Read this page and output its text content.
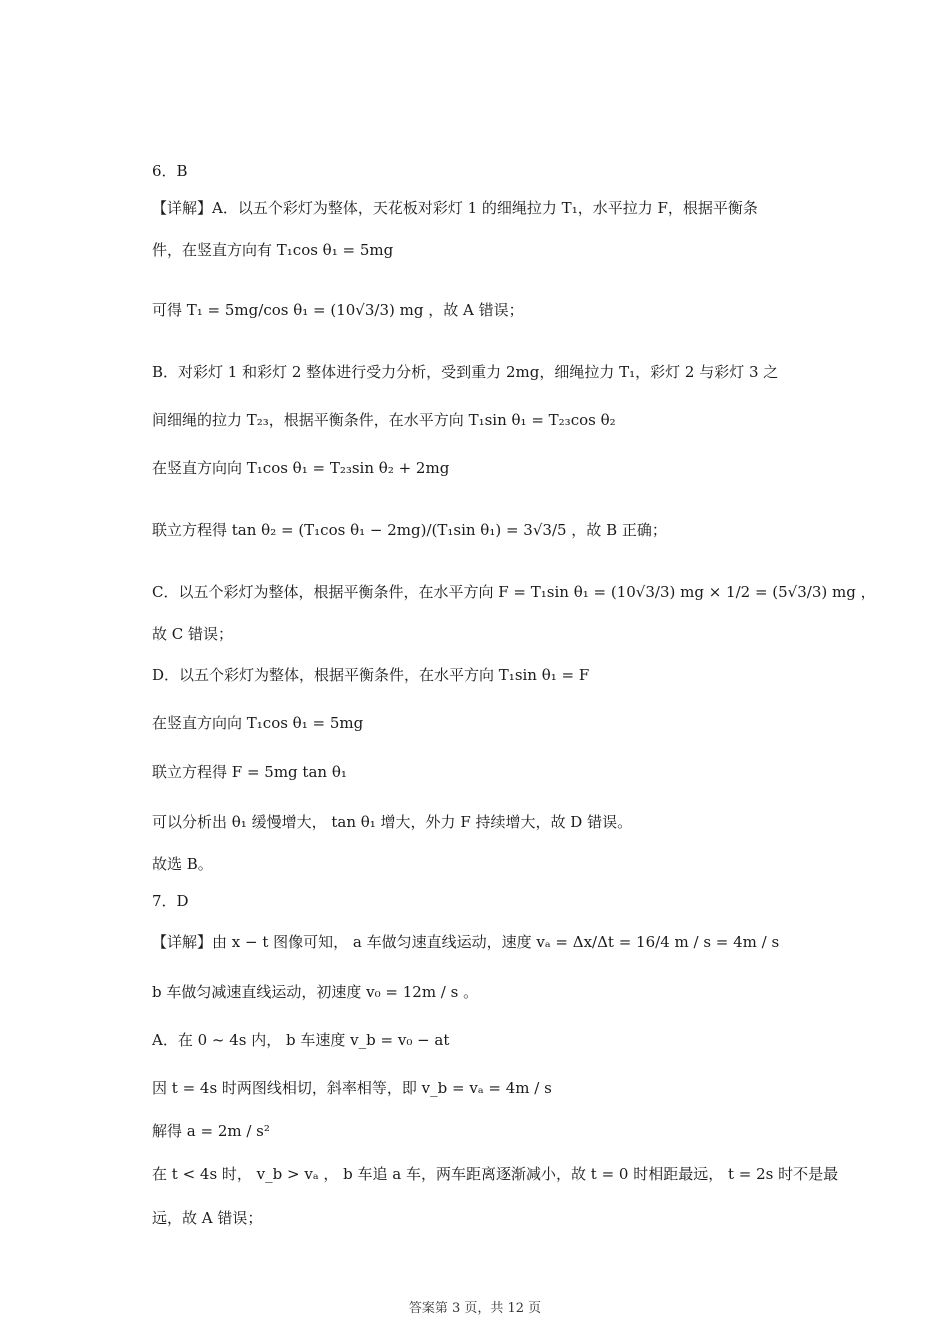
6．B
【详解】A．以五个彩灯为整体，天花板对彩灯 1 的细绳拉力 T₁，水平拉力 F，根据平衡条
件，在竖直方向有 T₁cos θ₁ = 5mg
可得 T₁ = 5mg/cos θ₁ = (10√3/3) mg ，故 A 错误；
B．对彩灯 1 和彩灯 2 整体进行受力分析，受到重力 2mg，细绳拉力 T₁，彩灯 2 与彩灯 3 之
间细绳的拉力 T₂₃，根据平衡条件，在水平方向 T₁sin θ₁ = T₂₃cos θ₂
在竖直方向向 T₁cos θ₁ = T₂₃sin θ₂ + 2mg
联立方程得 tan θ₂ = (T₁cos θ₁ − 2mg)/(T₁sin θ₁) = 3√3/5 ，故 B 正确；
C．以五个彩灯为整体，根据平衡条件，在水平方向 F = T₁sin θ₁ = (10√3/3) mg × 1/2 = (5√3/3) mg ，
故 C 错误；
D．以五个彩灯为整体，根据平衡条件，在水平方向 T₁sin θ₁ = F
在竖直方向向 T₁cos θ₁ = 5mg
联立方程得 F = 5mg tan θ₁
可以分析出 θ₁ 缓慢增大， tan θ₁ 增大，外力 F 持续增大，故 D 错误。
故选 B。
7．D
【详解】由 x − t 图像可知， a 车做匀速直线运动，速度 vₐ = Δx/Δt = 16/4 m / s = 4m / s
b 车做匀减速直线运动，初速度 v₀ = 12m / s 。
A．在 0 ~ 4s 内， b 车速度 v_b = v₀ − at
因 t = 4s 时两图线相切，斜率相等，即 v_b = vₐ = 4m / s
解得 a = 2m / s²
在 t < 4s 时， v_b > vₐ ， b 车追 a 车，两车距离逐渐减小，故 t = 0 时相距最远， t = 2s 时不是最
远，故 A 错误；
答案第 3 页，共 12 页
